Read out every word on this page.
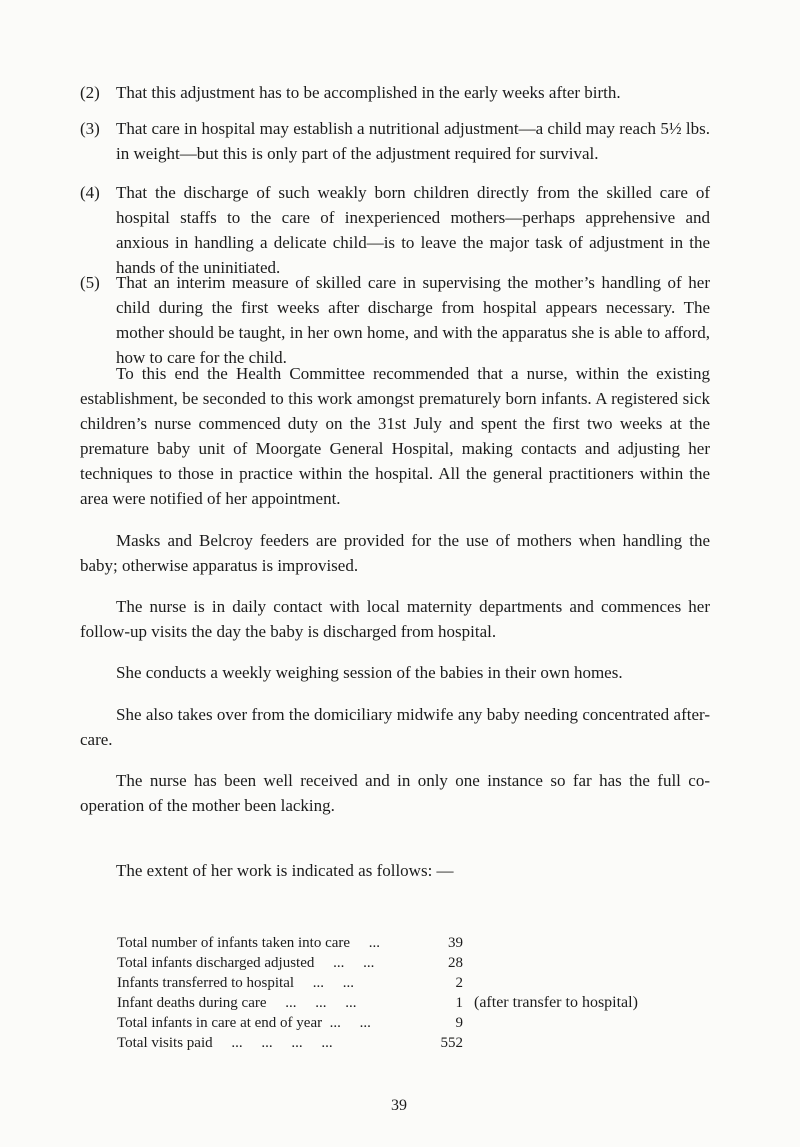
(2) That this adjustment has to be accomplished in the early weeks after birth.
(3) That care in hospital may establish a nutritional adjustment—a child may reach 5½ lbs. in weight—but this is only part of the adjustment required for survival.
(4) That the discharge of such weakly born children directly from the skilled care of hospital staffs to the care of inexperienced mothers—perhaps apprehensive and anxious in handling a delicate child—is to leave the major task of adjustment in the hands of the uninitiated.
(5) That an interim measure of skilled care in supervising the mother’s handling of her child during the first weeks after discharge from hospital appears necessary. The mother should be taught, in her own home, and with the apparatus she is able to afford, how to care for the child.

To this end the Health Committee recommended that a nurse, within the existing establishment, be seconded to this work amongst prematurely born infants. A registered sick children’s nurse commenced duty on the 31st July and spent the first two weeks at the premature baby unit of Moorgate General Hospital, making contacts and adjusting her techniques to those in practice within the hospital. All the general practitioners within the area were notified of her appointment.

Masks and Belcroy feeders are provided for the use of mothers when handling the baby; otherwise apparatus is improvised.

The nurse is in daily contact with local maternity departments and commences her follow-up visits the day the baby is discharged from hospital.

She conducts a weekly weighing session of the babies in their own homes.

She also takes over from the domiciliary midwife any baby needing concentrated after-care.

The nurse has been well received and in only one instance so far has the full co-operation of the mother been lacking.

The extent of her work is indicated as follows: —

Total number of infants taken into care     ...	39
Total infants discharged adjusted     ...     ...	28
Infants transferred to hospital     ...     ...	2
Infant deaths during care     ...     ...     ...	1 (after transfer to hospital)
Total infants in care at end of year  ...     ...	9
Total visits paid     ...     ...     ...     ...	552
39
